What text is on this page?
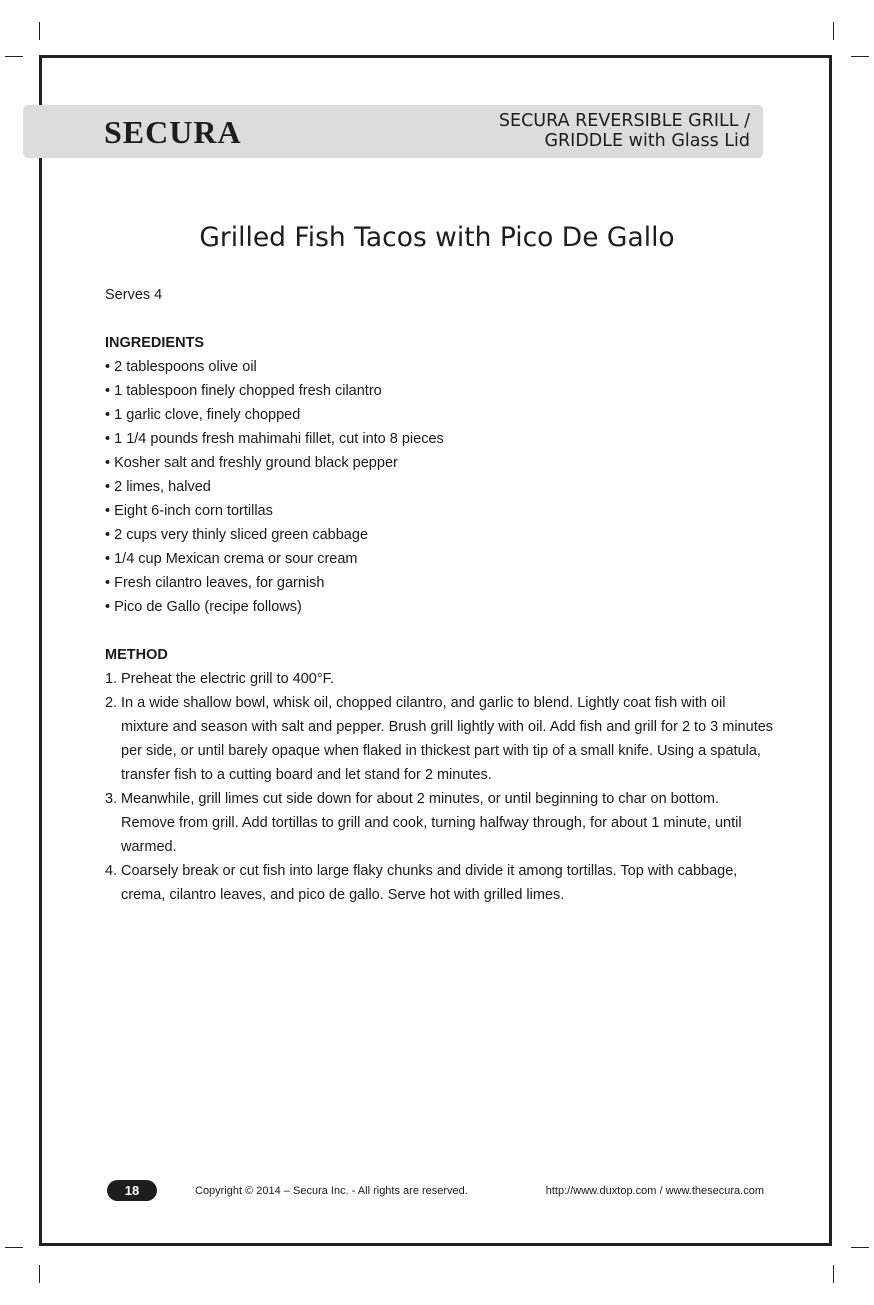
SECURA	SECURA REVERSIBLE GRILL /
GRIDDLE with Glass Lid
Grilled Fish Tacos with Pico De Gallo

Serves 4

INGREDIENTS

• 2 tablespoons olive oil
• 1 tablespoon finely chopped fresh cilantro
• 1 garlic clove, finely chopped
• 1 1/4 pounds fresh mahimahi fillet, cut into 8 pieces
• Kosher salt and freshly ground black pepper
• 2 limes, halved
• Eight 6-inch corn tortillas
• 2 cups very thinly sliced green cabbage
• 1/4 cup Mexican crema or sour cream
• Fresh cilantro leaves, for garnish
• Pico de Gallo (recipe follows)

METHOD

1. Preheat the electric grill to 400°F.
2. In a wide shallow bowl, whisk oil, chopped cilantro, and garlic to blend. Lightly coat fish with oil mixture and season with salt and pepper. Brush grill lightly with oil. Add fish and grill for 2 to 3 minutes per side, or until barely opaque when flaked in thickest part with tip of a small knife. Using a spatula, transfer fish to a cutting board and let stand for 2 minutes.
3. Meanwhile, grill limes cut side down for about 2 minutes, or until beginning to char on bottom. Remove from grill. Add tortillas to grill and cook, turning halfway through, for about 1 minute, until warmed.
4. Coarsely break or cut fish into large flaky chunks and divide it among tortillas. Top with cabbage, crema, cilantro leaves, and pico de gallo. Serve hot with grilled limes.
18	Copyright © 2014 – Secura Inc. - All rights are reserved.	http://www.duxtop.com / www.thesecura.com
